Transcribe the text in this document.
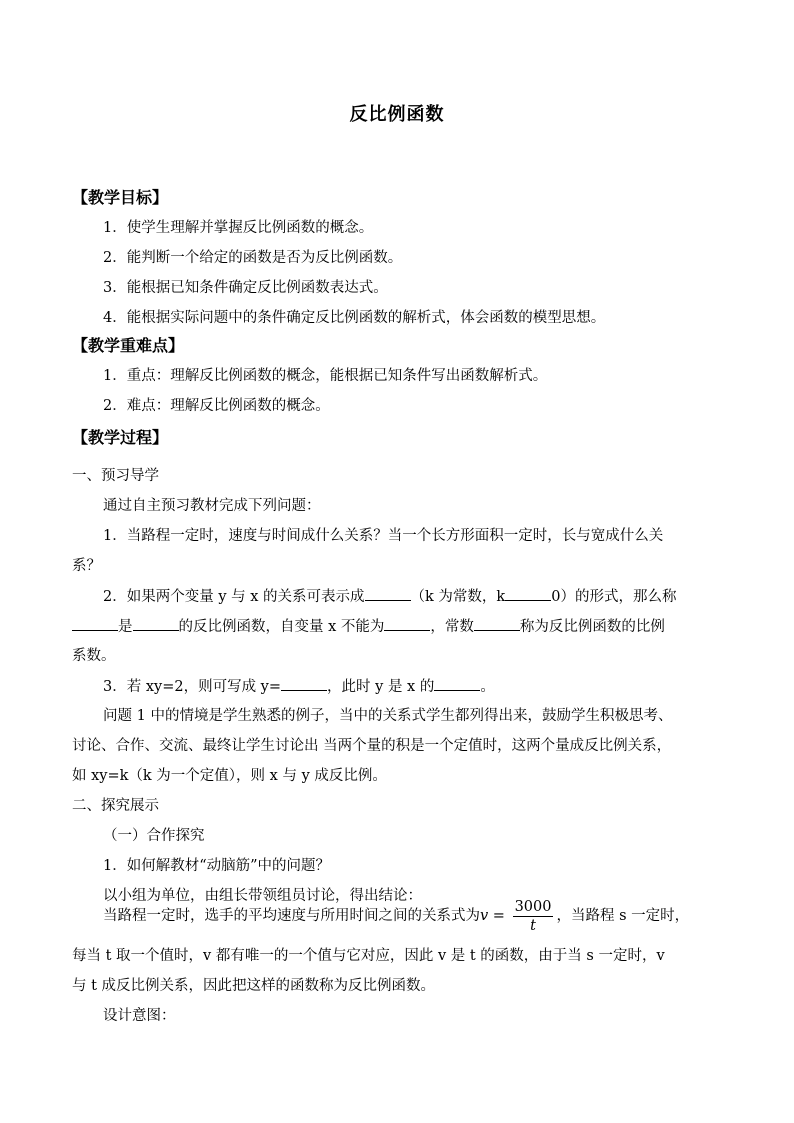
反比例函数
【教学目标】
1．使学生理解并掌握反比例函数的概念。
2．能判断一个给定的函数是否为反比例函数。
3．能根据已知条件确定反比例函数表达式。
4．能根据实际问题中的条件确定反比例函数的解析式，体会函数的模型思想。
【教学重难点】
1．重点：理解反比例函数的概念，能根据已知条件写出函数解析式。
2．难点：理解反比例函数的概念。
【教学过程】
一、预习导学
通过自主预习教材完成下列问题：
1．当路程一定时，速度与时间成什么关系？当一个长方形面积一定时，长与宽成什么关
系？
2．如果两个变量 y 与 x 的关系可表示成	（k 为常数，k	0）的形式，那么称
是	的反比例函数，自变量 x 不能为	，常数	称为反比例函数的比例
系数。
3．若 xy=2，则可写成 y=	，此时 y 是 x 的	。
问题 1 中的情境是学生熟悉的例子，当中的关系式学生都列得出来，鼓励学生积极思考、
讨论、合作、交流、最终让学生讨论出 当两个量的积是一个定值时，这两个量成反比例关系，
如 xy=k（k 为一个定值），则 x 与 y 成反比例。
二、探究展示
（一）合作探究
1．如何解教材“动脑筋”中的问题？
以小组为单位，由组长带领组员讨论，得出结论：
当路程一定时，选手的平均速度与所用时间之间的关系式为$v = \frac{3000}{t}$ ，当路程 s 一定时，
每当 t 取一个值时，v 都有唯一的一个值与它对应，因此 v 是 t 的函数，由于当 s 一定时，v
与 t 成反比例关系，因此把这样的函数称为反比例函数。
设计意图：
